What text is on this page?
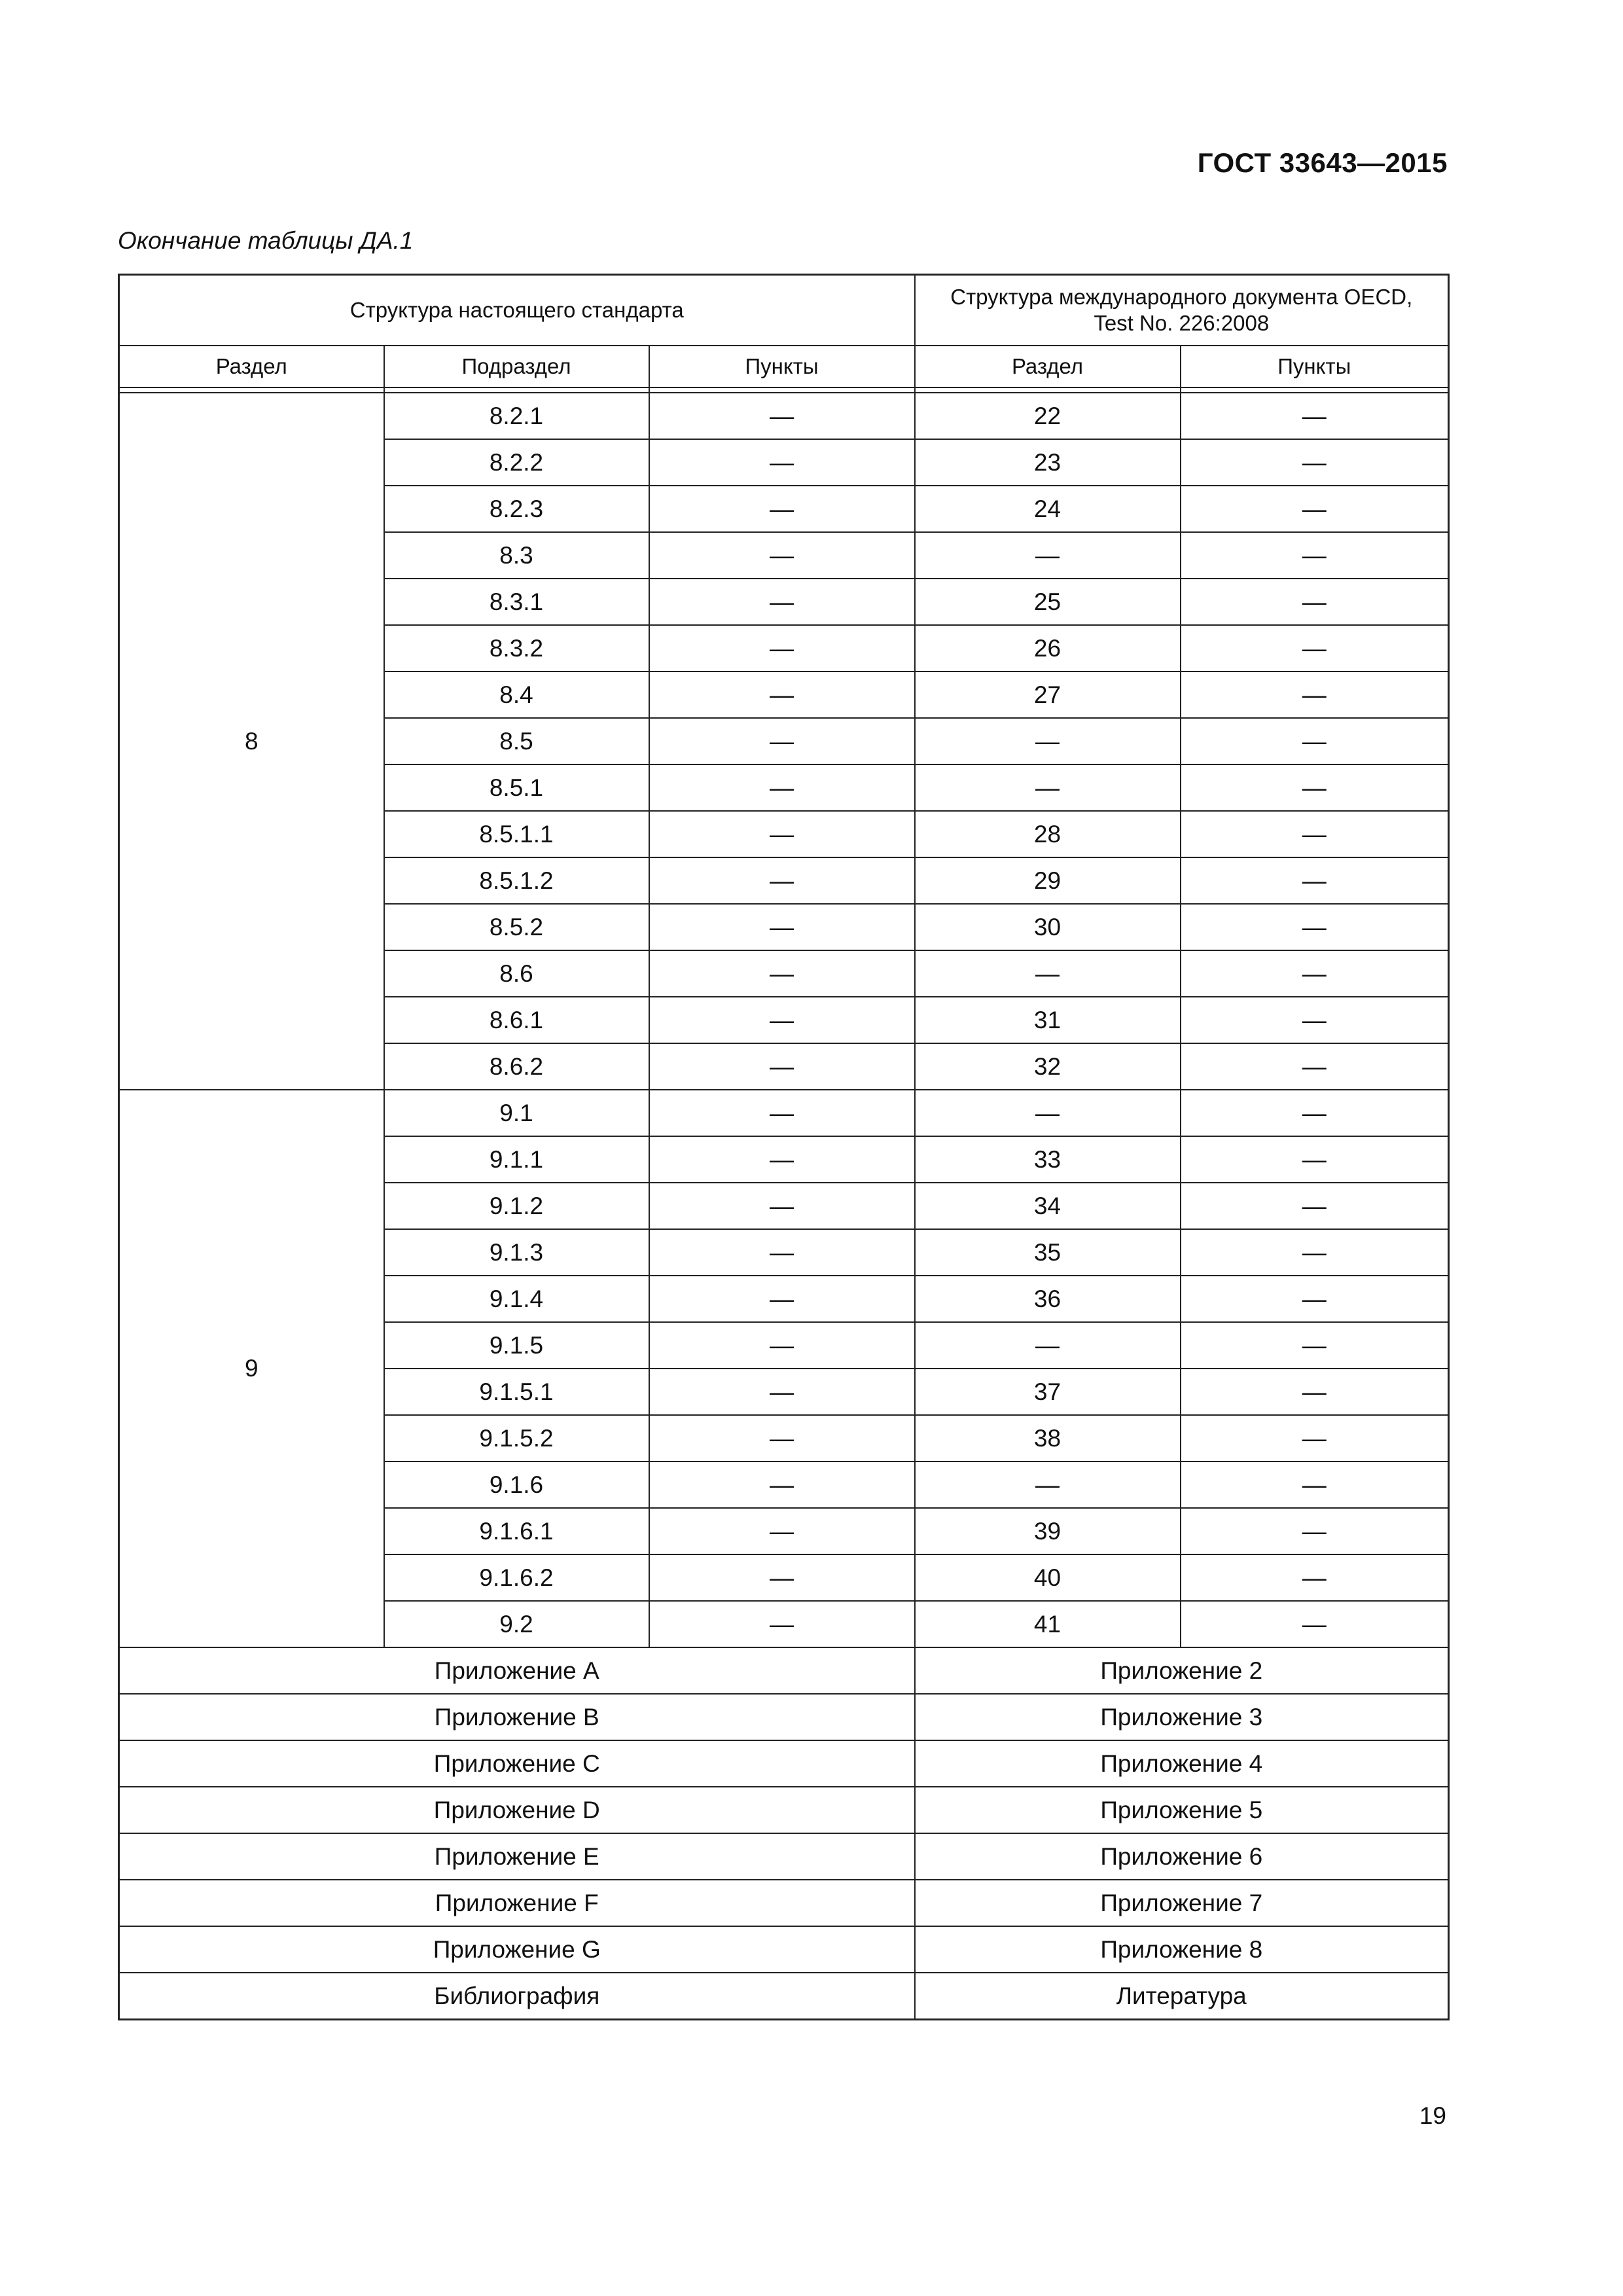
ГОСТ 33643—2015
Окончание таблицы ДА.1
Структура настоящего стандарта			Структура международного документа OECD,
Test No. 226:2008	
Раздел	Подраздел	Пункты	Раздел	Пункты

8	8.2.1	—	22	—
	8.2.2	—	23	—
	8.2.3	—	24	—
	8.3	—	—	—
	8.3.1	—	25	—
	8.3.2	—	26	—
	8.4	—	27	—
	8.5	—	—	—
	8.5.1	—	—	—
	8.5.1.1	—	28	—
	8.5.1.2	—	29	—
	8.5.2	—	30	—
	8.6	—	—	—
	8.6.1	—	31	—
	8.6.2	—	32	—
9	9.1	—	—	—
	9.1.1	—	33	—
	9.1.2	—	34	—
	9.1.3	—	35	—
	9.1.4	—	36	—
	9.1.5	—	—	—
	9.1.5.1	—	37	—
	9.1.5.2	—	38	—
	9.1.6	—	—	—
	9.1.6.1	—	39	—
	9.1.6.2	—	40	—
	9.2	—	41	—
Приложение А			Приложение 2	
Приложение В			Приложение 3	
Приложение С			Приложение 4	
Приложение D			Приложение 5	
Приложение Е			Приложение 6	
Приложение F			Приложение 7	
Приложение G			Приложение 8	
Библиография			Литература	
19
